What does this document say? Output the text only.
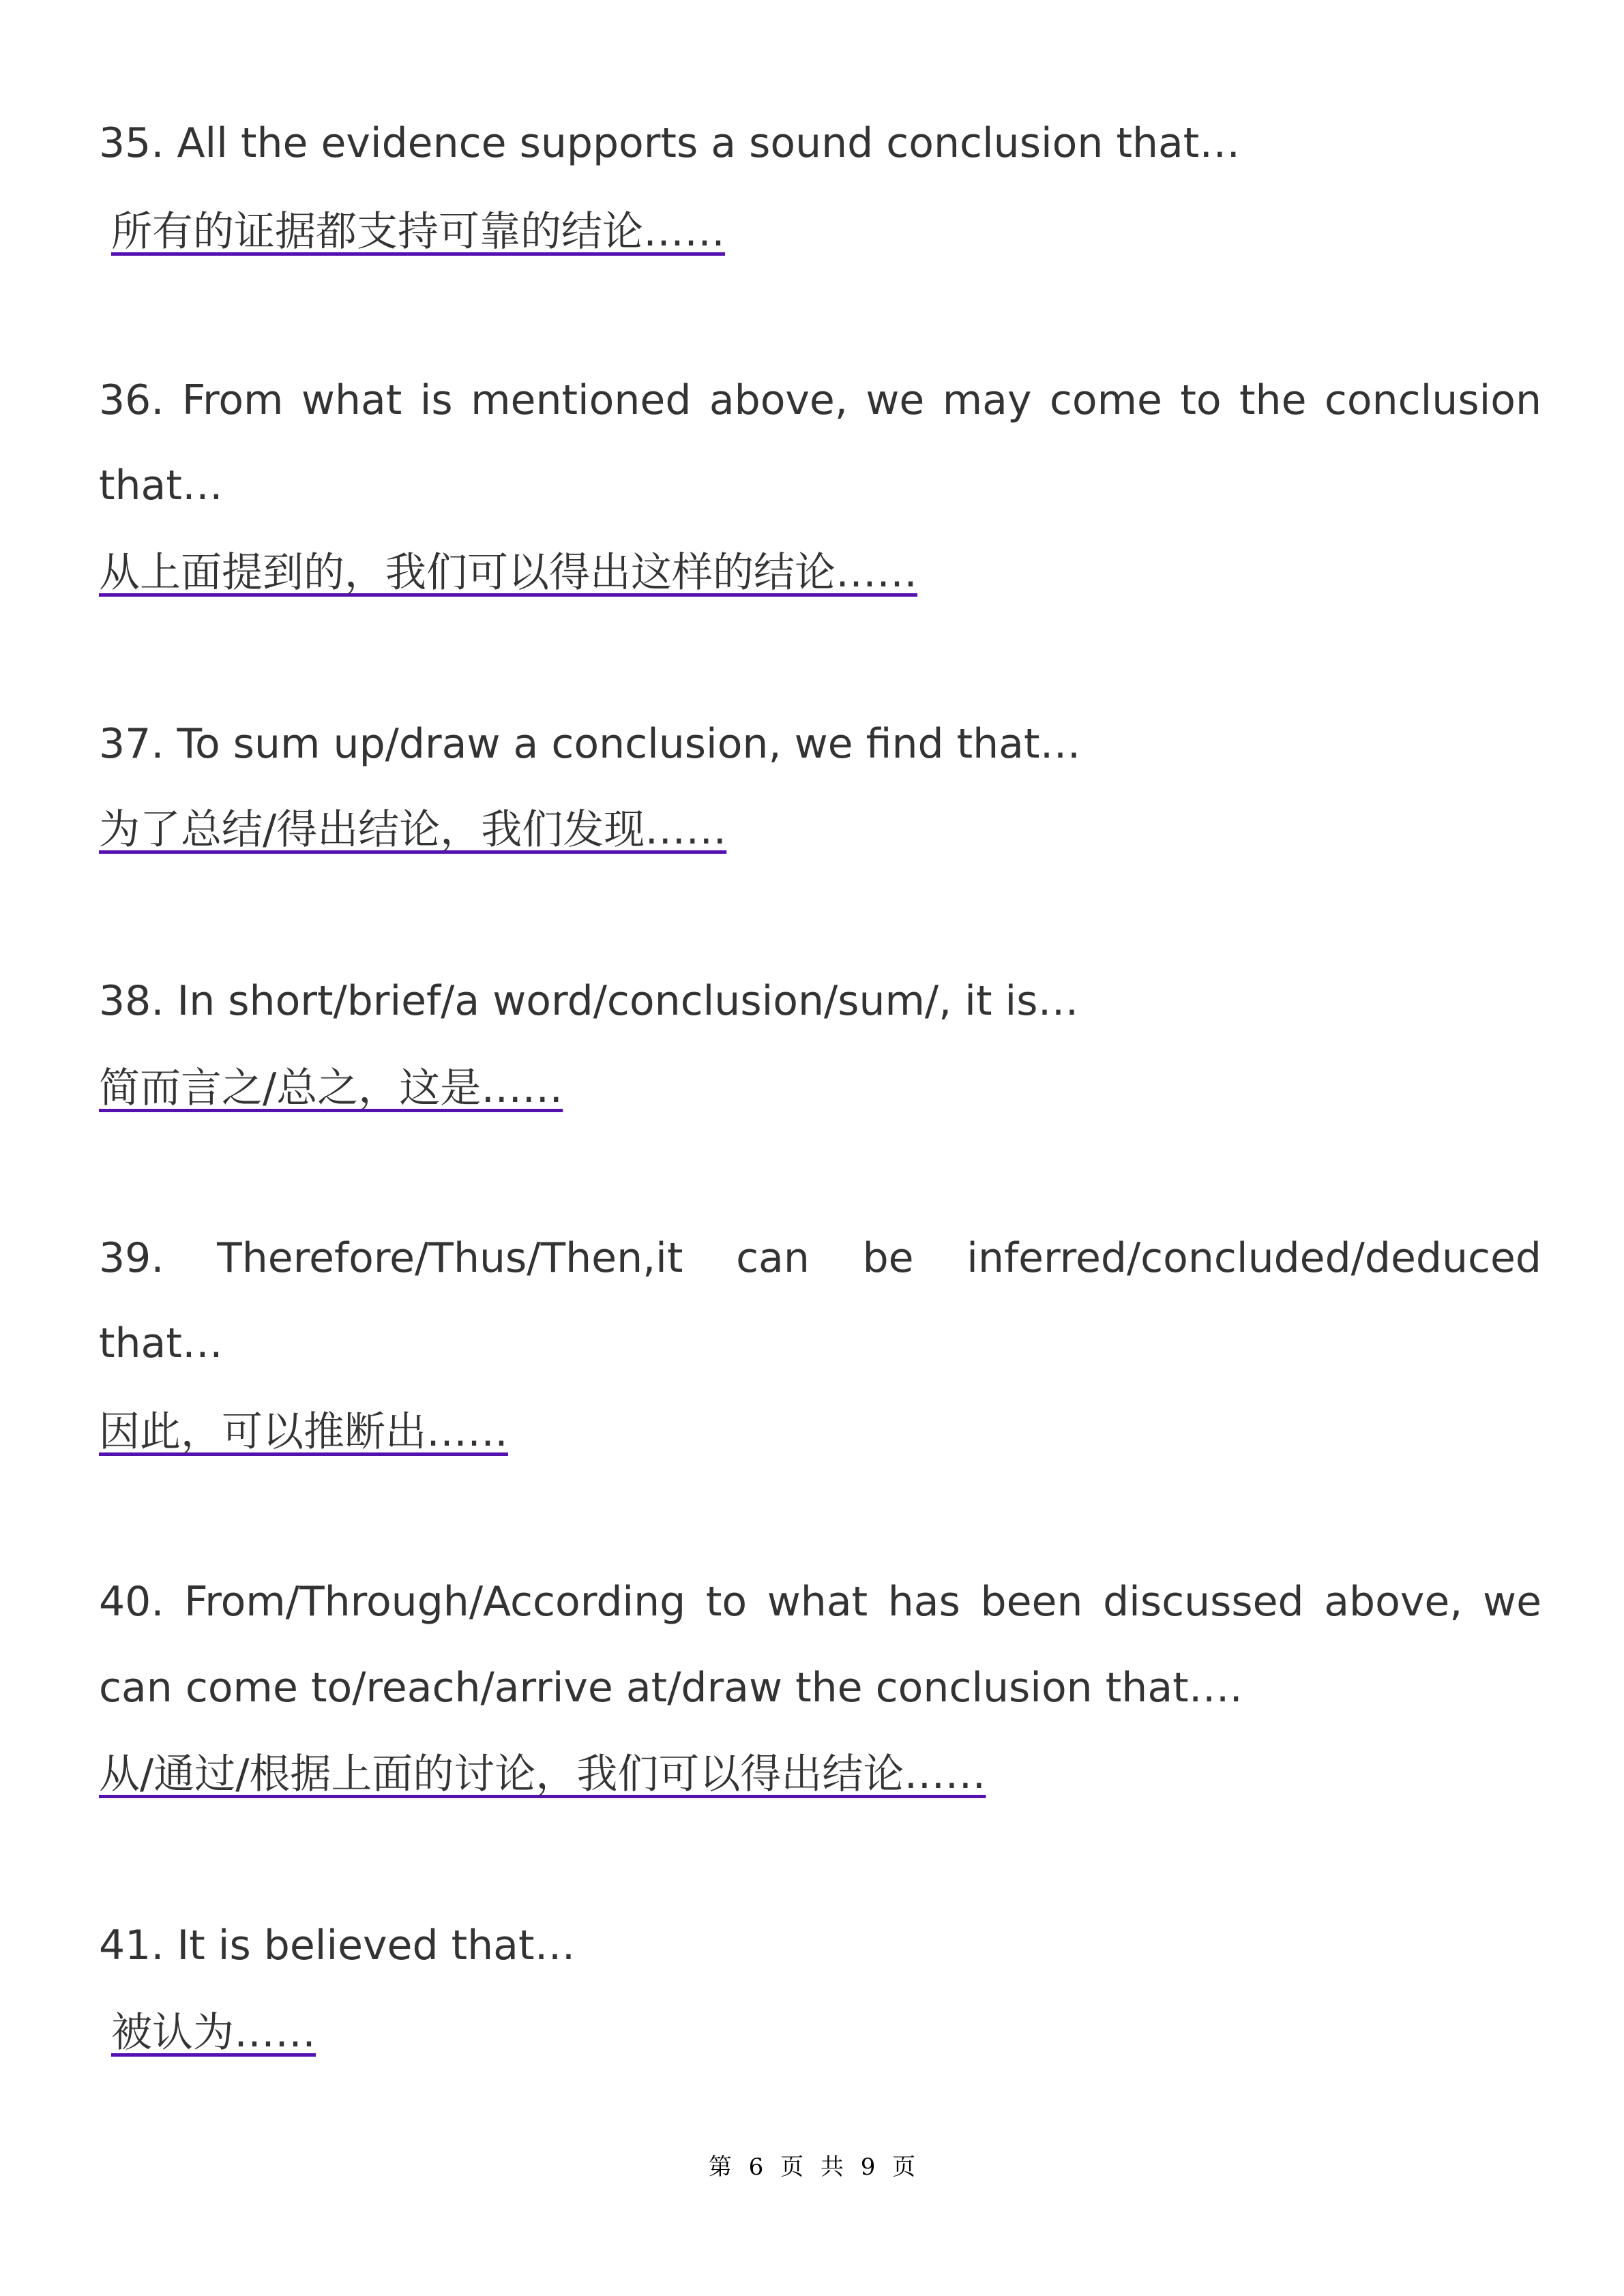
35. All the evidence supports a sound conclusion that…
所有的证据都支持可靠的结论……
36. From what is mentioned above, we may come to the conclusion
that…
从上面提到的，我们可以得出这样的结论……
37. To sum up/draw a conclusion, we find that…
为了总结/得出结论，我们发现……
38. In short/brief/a word/conclusion/sum/, it is…
简而言之/总之，这是……
39. Therefore/Thus/Then,it can be inferred/concluded/deduced
that…
因此，可以推断出……
40. From/Through/According to what has been discussed above, we
can come to/reach/arrive at/draw the conclusion that….
从/通过/根据上面的讨论，我们可以得出结论……
41. It is believed that…
被认为……
第 6 页 共 9 页
